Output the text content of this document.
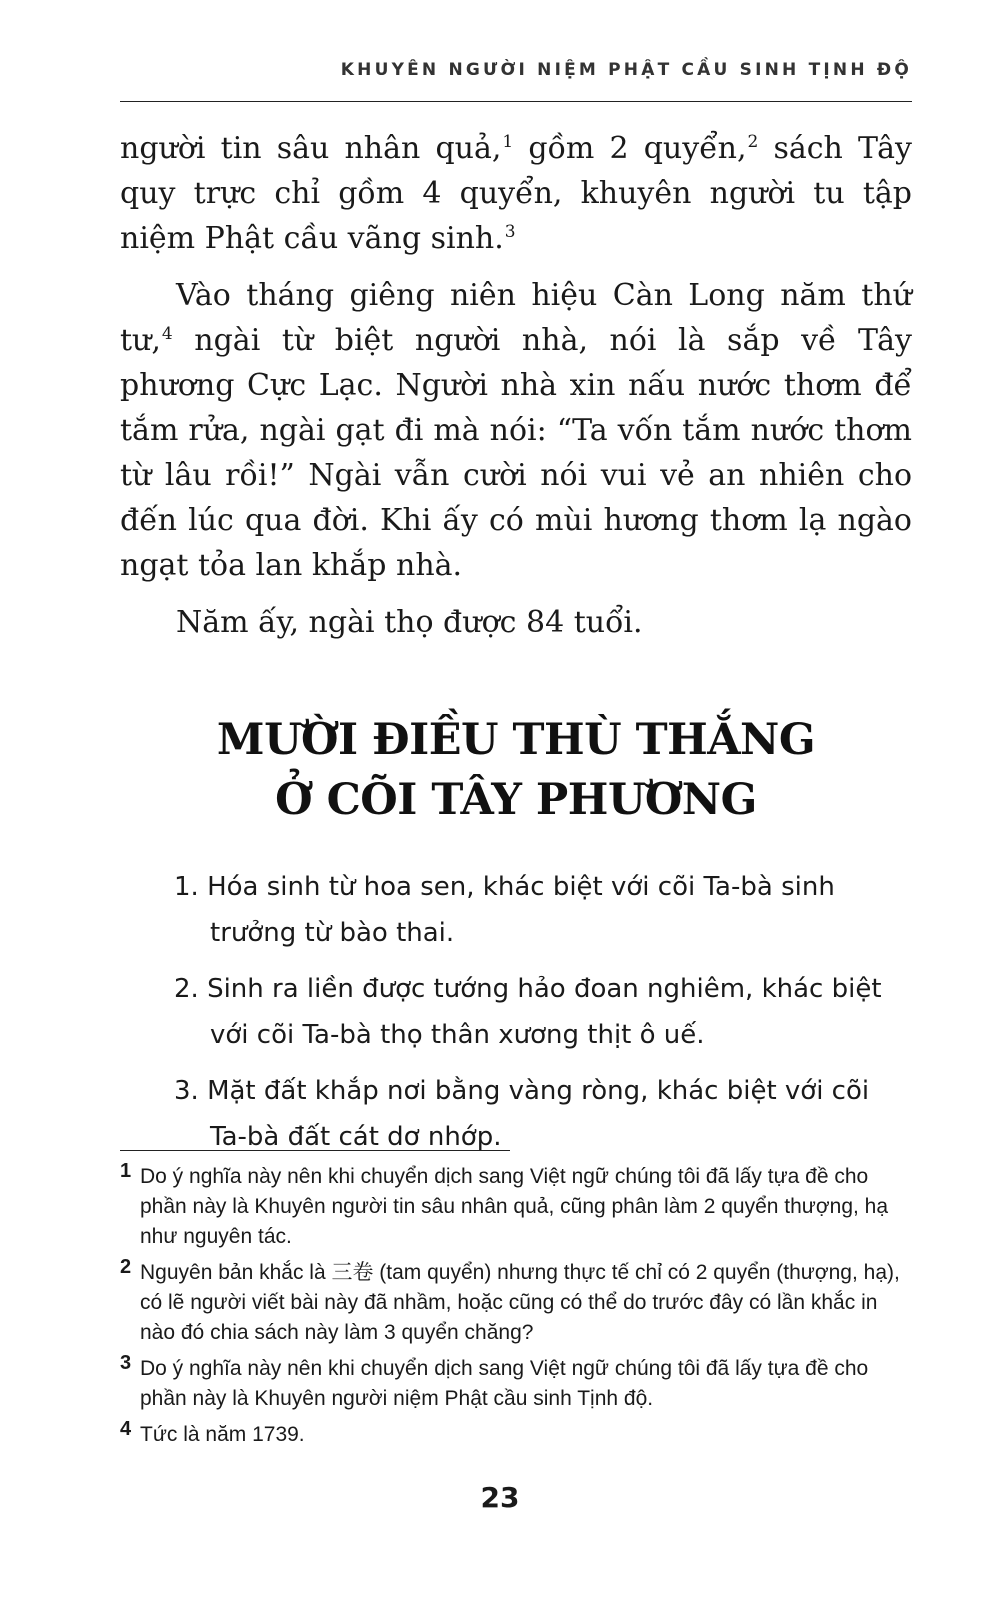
KHUYÊN NGƯỜI NIỆM PHẬT CẦU SINH TỊNH ĐỘ

người tin sâu nhân quả,$^1$ gồm 2 quyển,$^2$ sách Tây quy trực chỉ gồm 4 quyển, khuyên người tu tập niệm Phật cầu vãng sinh.$^3$

Vào tháng giêng niên hiệu Càn Long năm thứ tư,$^4$ ngài từ biệt người nhà, nói là sắp về Tây phương Cực Lạc. Người nhà xin nấu nước thơm để tắm rửa, ngài gạt đi mà nói: “Ta vốn tắm nước thơm từ lâu rồi!” Ngài vẫn cười nói vui vẻ an nhiên cho đến lúc qua đời. Khi ấy có mùi hương thơm lạ ngào ngạt tỏa lan khắp nhà.

Năm ấy, ngài thọ được 84 tuổi.

MƯỜI ĐIỀU THÙ THẮNG
Ở CÕI TÂY PHƯƠNG
1. Hóa sinh từ hoa sen, khác biệt với cõi Ta-bà sinh trưởng từ bào thai.
2. Sinh ra liền được tướng hảo đoan nghiêm, khác biệt với cõi Ta-bà thọ thân xương thịt ô uế.
3. Mặt đất khắp nơi bằng vàng ròng, khác biệt với cõi Ta-bà đất cát dơ nhớp.
1 Do ý nghĩa này nên khi chuyển dịch sang Việt ngữ chúng tôi đã lấy tựa đề cho phần này là Khuyên người tin sâu nhân quả, cũng phân làm 2 quyển thượng, hạ như nguyên tác.
2 Nguyên bản khắc là 三卷 (tam quyển) nhưng thực tế chỉ có 2 quyển (thượng, hạ), có lẽ người viết bài này đã nhầm, hoặc cũng có thể do trước đây có lần khắc in nào đó chia sách này làm 3 quyển chăng?
3 Do ý nghĩa này nên khi chuyển dịch sang Việt ngữ chúng tôi đã lấy tựa đề cho phần này là Khuyên người niệm Phật cầu sinh Tịnh độ.
4 Tức là năm 1739.
23
